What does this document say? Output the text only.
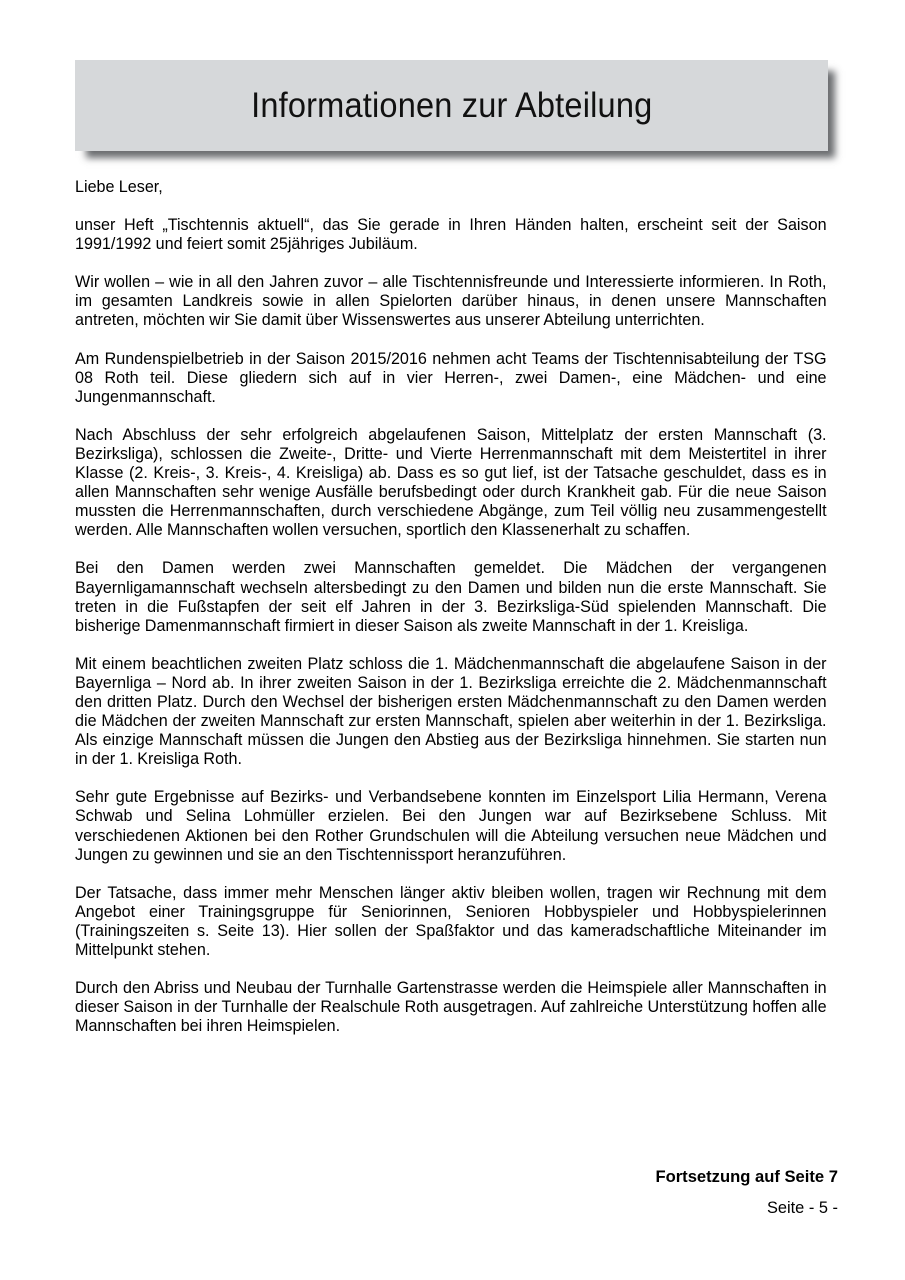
Informationen zur Abteilung

Liebe Leser,

unser Heft „Tischtennis aktuell“, das Sie gerade in Ihren Händen halten, erscheint seit der Saison 1991/1992 und feiert somit 25jähriges Jubiläum.

Wir wollen – wie in all den Jahren zuvor – alle Tischtennisfreunde und Interessierte informieren. In Roth, im gesamten Landkreis sowie in allen Spielorten darüber hinaus, in denen unsere Mannschaften antreten, möchten wir Sie damit über Wissenswertes aus unserer Abteilung unterrichten.

Am Rundenspielbetrieb in der Saison 2015/2016 nehmen acht Teams der Tischtennisabteilung der TSG 08 Roth teil. Diese gliedern sich auf in vier Herren-, zwei Damen-, eine Mädchen- und eine Jungenmannschaft.

Nach Abschluss der sehr erfolgreich abgelaufenen Saison, Mittelplatz der ersten Mannschaft (3. Bezirksliga), schlossen die Zweite-, Dritte- und Vierte Herrenmannschaft mit dem Meistertitel in ihrer Klasse (2. Kreis-, 3. Kreis-, 4. Kreisliga) ab. Dass es so gut lief, ist der Tatsache geschuldet, dass es in allen Mannschaften sehr wenige Ausfälle berufsbedingt oder durch Krankheit gab. Für die neue Saison mussten die Herrenmannschaften, durch verschiedene Abgänge, zum Teil völlig neu zusammengestellt werden. Alle Mannschaften wollen versuchen, sportlich den Klassenerhalt zu schaffen.

Bei den Damen werden zwei Mannschaften gemeldet. Die Mädchen der vergangenen Bayernligamannschaft wechseln altersbedingt zu den Damen und bilden nun die erste Mannschaft. Sie treten in die Fußstapfen der seit elf Jahren in der 3. Bezirksliga-Süd spielenden Mannschaft. Die bisherige Damenmannschaft firmiert in dieser Saison als zweite Mannschaft in der 1. Kreisliga.

Mit einem beachtlichen zweiten Platz schloss die 1. Mädchenmannschaft die abgelaufene Saison in der Bayernliga – Nord ab. In ihrer zweiten Saison in der 1. Bezirksliga erreichte die 2. Mädchenmannschaft den dritten Platz. Durch den Wechsel der bisherigen ersten Mädchenmannschaft zu den Damen werden die Mädchen der zweiten Mannschaft zur ersten Mannschaft, spielen aber weiterhin in der 1. Bezirksliga. Als einzige Mannschaft müssen die Jungen den Abstieg aus der Bezirksliga hinnehmen. Sie starten nun in der 1. Kreisliga Roth.

Sehr gute Ergebnisse auf Bezirks- und Verbandsebene konnten im Einzelsport Lilia Hermann, Verena Schwab und Selina Lohmüller erzielen. Bei den Jungen war auf Bezirksebene Schluss. Mit verschiedenen Aktionen bei den Rother Grundschulen will die Abteilung versuchen neue Mädchen und Jungen zu gewinnen und sie an den Tischtennissport heranzuführen.

Der Tatsache, dass immer mehr Menschen länger aktiv bleiben wollen, tragen wir Rechnung mit dem Angebot einer Trainingsgruppe für Seniorinnen, Senioren Hobbyspieler und Hobbyspielerinnen (Trainingszeiten s. Seite 13). Hier sollen der Spaßfaktor und das kameradschaftliche Miteinander im Mittelpunkt stehen.

Durch den Abriss und Neubau der Turnhalle Gartenstrasse werden die Heimspiele aller Mannschaften in dieser Saison in der Turnhalle der Realschule Roth ausgetragen. Auf zahlreiche Unterstützung hoffen alle Mannschaften bei ihren Heimspielen.

Fortsetzung auf Seite 7
Seite - 5 -
